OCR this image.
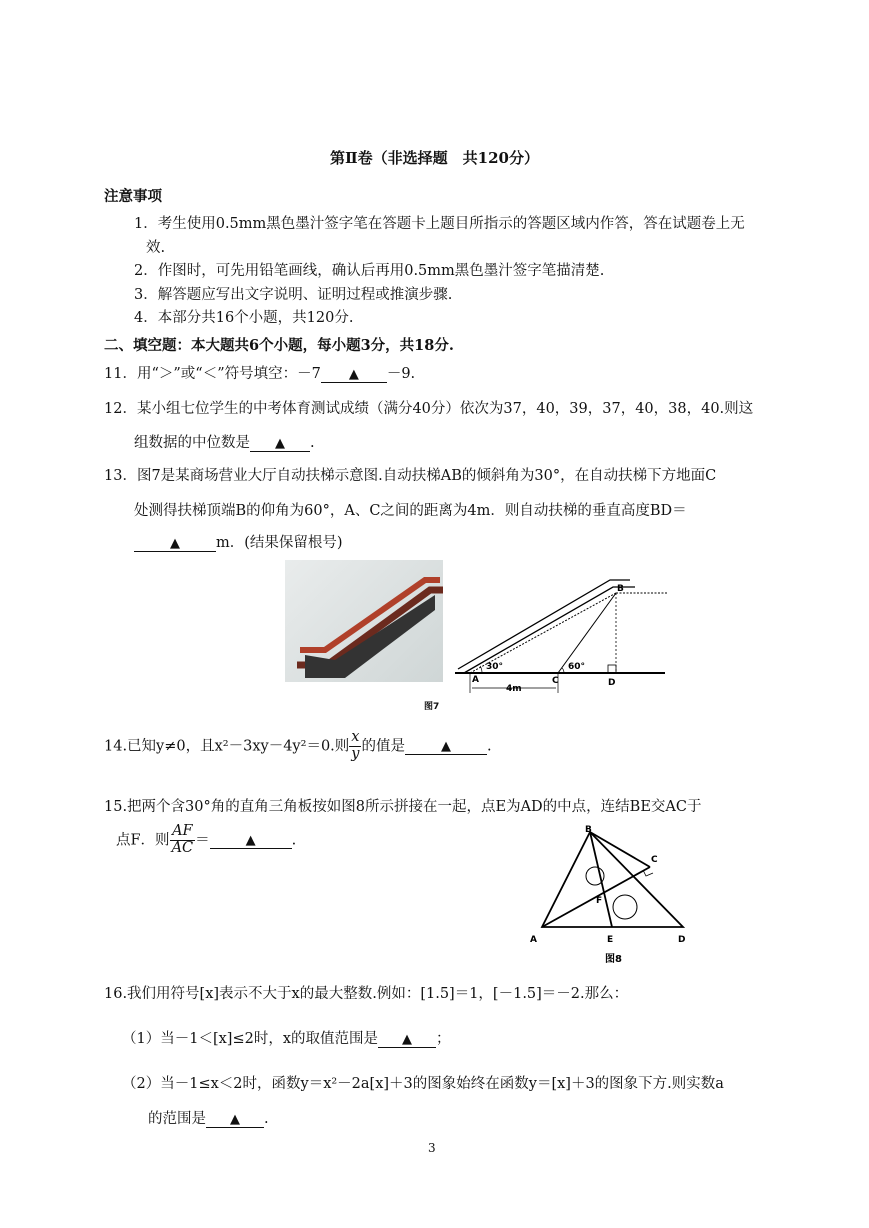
第Ⅱ卷（非选择题　共120分）
注意事项
1．考生使用0.5mm黑色墨汁签字笔在答题卡上题目所指示的答题区域内作答，答在试题卷上无
效.
2．作图时，可先用铅笔画线，确认后再用0.5mm黑色墨汁签字笔描清楚.
3．解答题应写出文字说明、证明过程或推演步骤.
4．本部分共16个小题，共120分.
二、填空题：本大题共6个小题，每小题3分，共18分.
11．用“＞”或“＜”符号填空：－7 ▲ －9.
12．某小组七位学生的中考体育测试成绩（满分40分）依次为37，40，39，37，40，38，40.则这
组数据的中位数是 ▲ .
13．图7是某商场营业大厅自动扶梯示意图.自动扶梯AB的倾斜角为30°，在自动扶梯下方地面C
处测得扶梯顶端B的仰角为60°，A、C之间的距离为4m．则自动扶梯的垂直高度BD＝
▲ m．(结果保留根号)
B
A	C	D
30°	60°
4m
图7
14.已知y≠0，且x²－3xy－4y²＝0.则 $\frac{x}{y}$ 的值是	▲ .
15.把两个含30°角的直角三角板按如图8所示拼接在一起，点E为AD的中点，连结BE交AC于
点F．则 $\frac{AF}{AC}$ ＝	▲ .
B
C
F
A	E	D
图8
16.我们用符号[x]表示不大于x的最大整数.例如：[1.5]＝1，[－1.5]＝－2.那么：
（1）当－1＜[x]≤2时，x的取值范围是 ▲ ；
（2）当－1≤x＜2时，函数y＝x²－2a[x]＋3的图象始终在函数y＝[x]＋3的图象下方.则实数a
的范围是 ▲ .
3
